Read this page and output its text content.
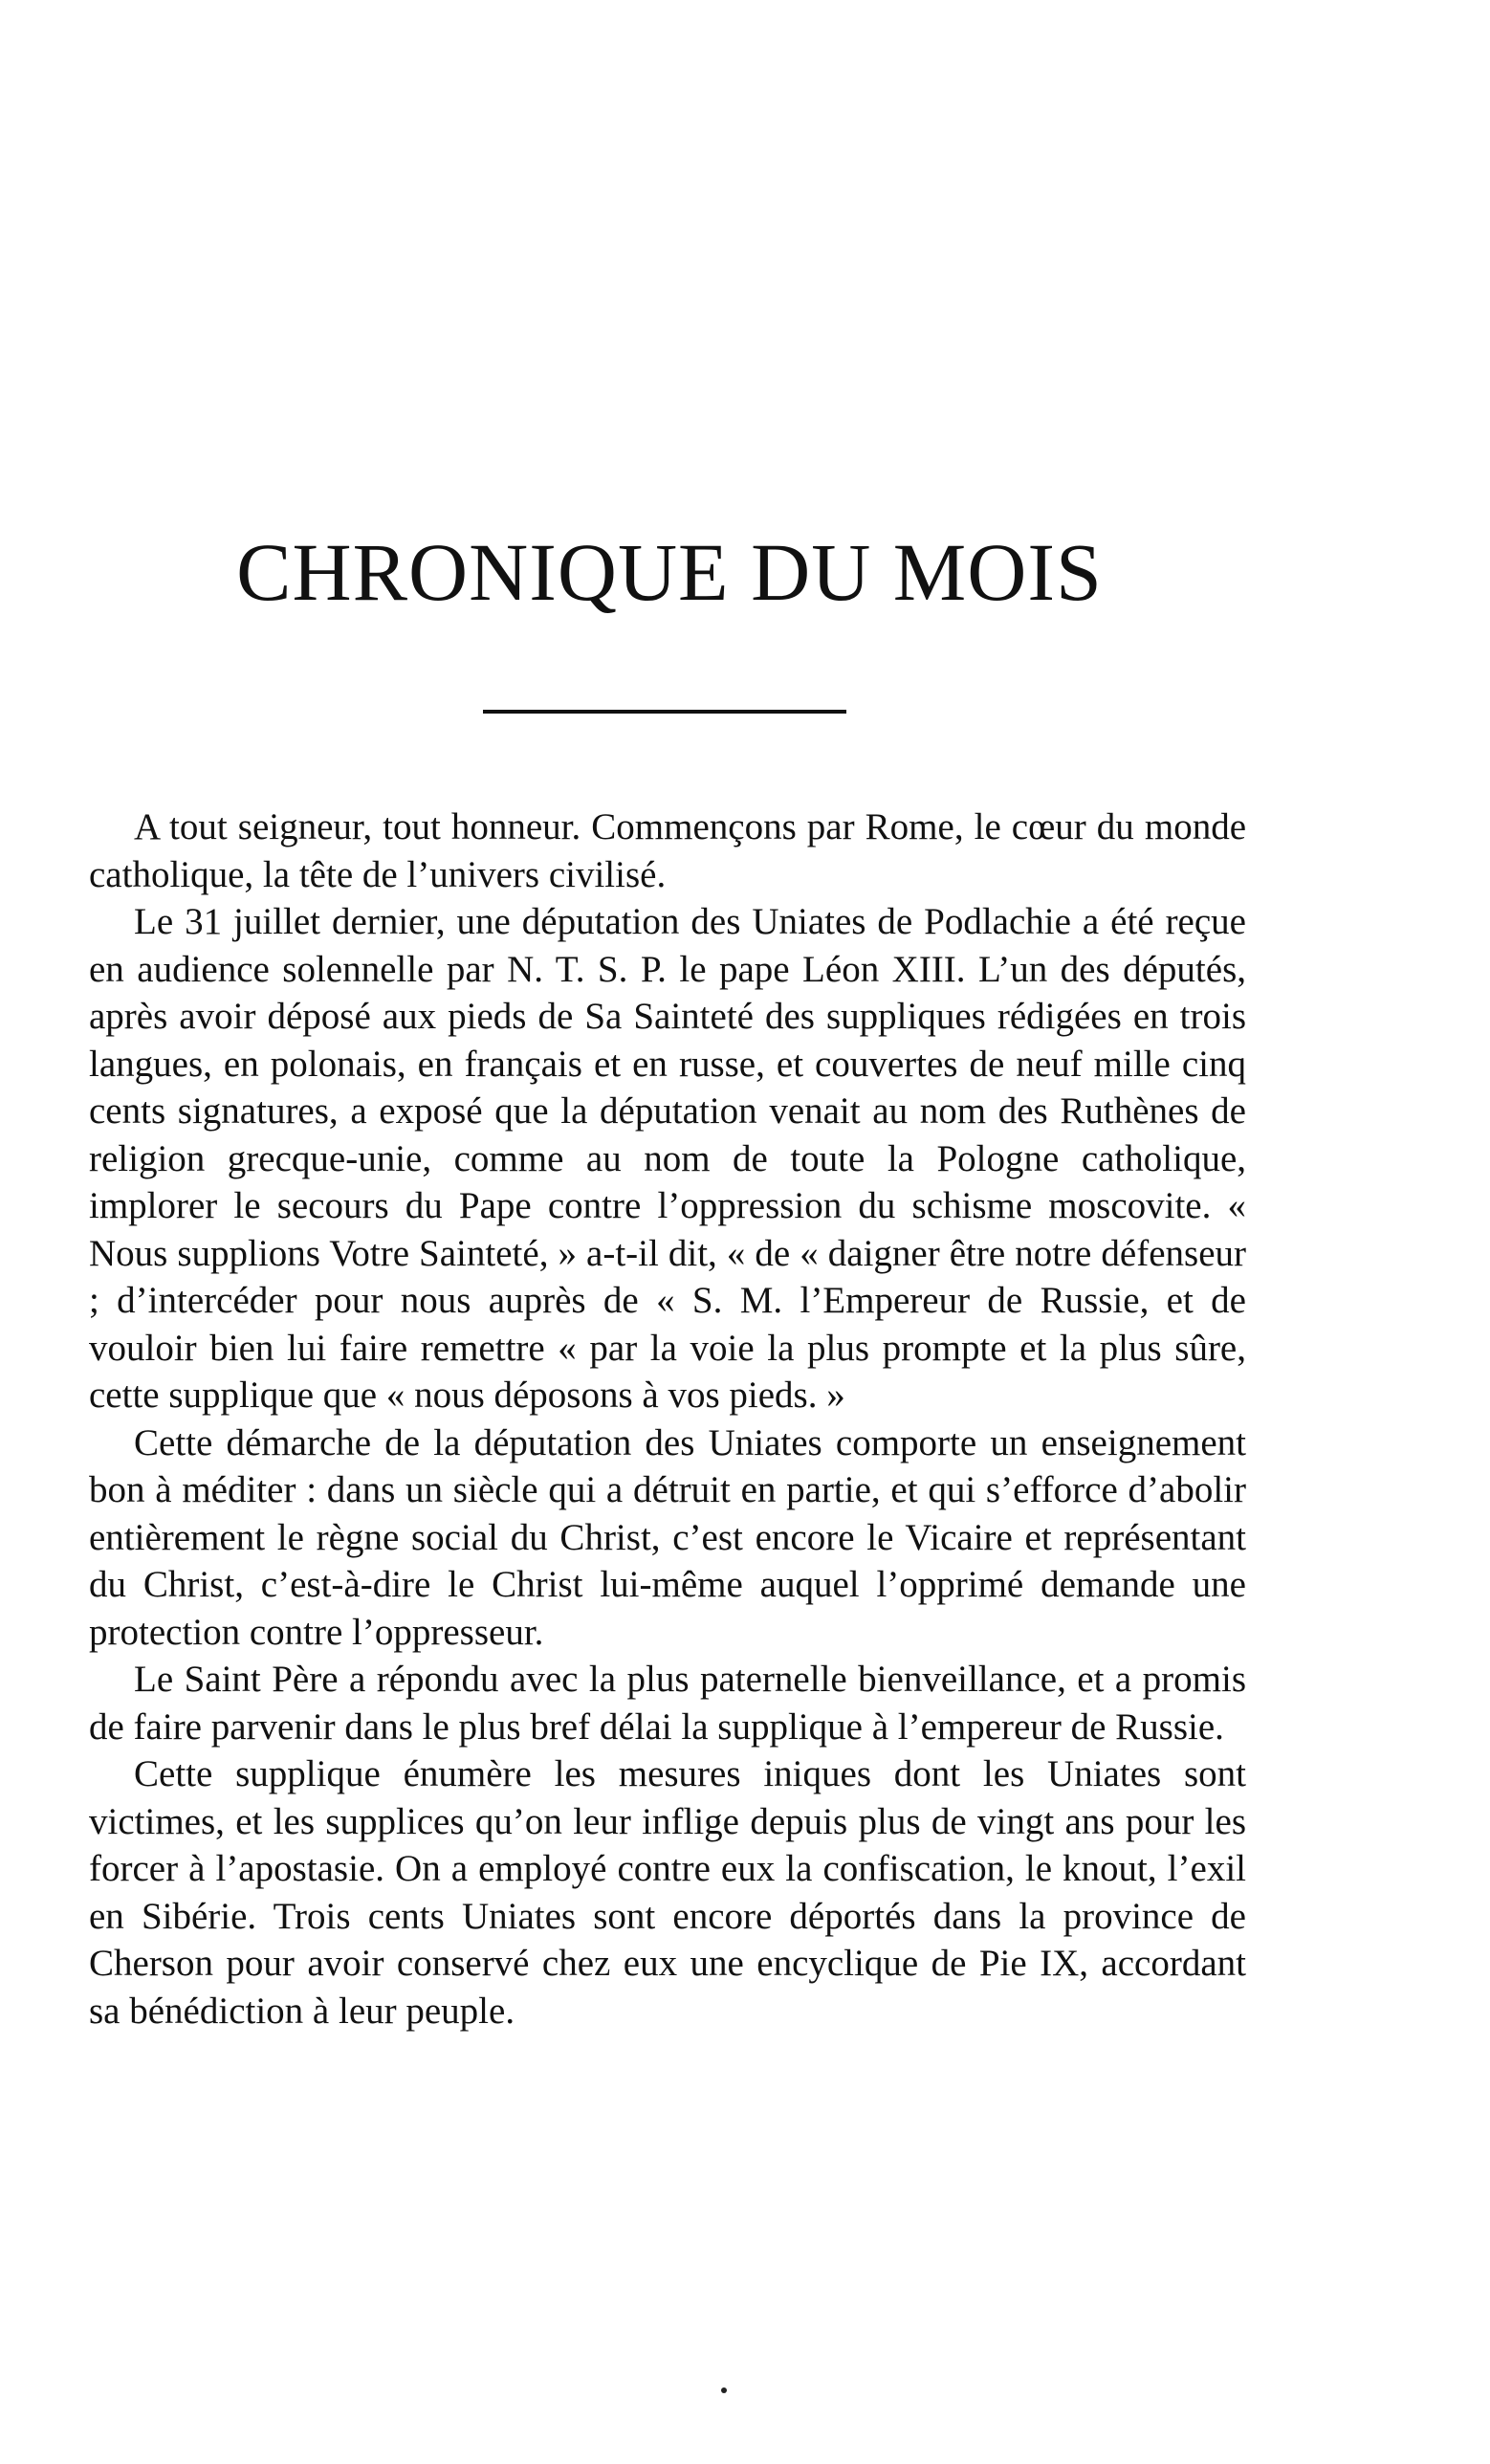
CHRONIQUE DU MOIS

A tout seigneur, tout honneur. Commençons par Rome, le cœur du monde catholique, la tête de l’univers civilisé.

Le 31 juillet dernier, une députation des Uniates de Podlachie a été reçue en audience solennelle par N. T. S. P. le pape Léon XIII. L’un des députés, après avoir déposé aux pieds de Sa Sainteté des suppliques rédigées en trois langues, en polonais, en français et en russe, et couvertes de neuf mille cinq cents signatures, a exposé que la députation venait au nom des Ruthènes de religion grecque-unie, comme au nom de toute la Pologne catholique, implorer le secours du Pape contre l’oppression du schisme moscovite. « Nous supplions Votre Sainteté, » a-t-il dit, « de « daigner être notre défenseur ; d’intercéder pour nous auprès de « S. M. l’Empereur de Russie, et de vouloir bien lui faire remettre « par la voie la plus prompte et la plus sûre, cette supplique que « nous déposons à vos pieds. »

Cette démarche de la députation des Uniates comporte un enseignement bon à méditer : dans un siècle qui a détruit en partie, et qui s’efforce d’abolir entièrement le règne social du Christ, c’est encore le Vicaire et représentant du Christ, c’est-à-dire le Christ lui-même auquel l’opprimé demande une protection contre l’oppresseur.

Le Saint Père a répondu avec la plus paternelle bienveillance, et a promis de faire parvenir dans le plus bref délai la supplique à l’empereur de Russie.

Cette supplique énumère les mesures iniques dont les Uniates sont victimes, et les supplices qu’on leur inflige depuis plus de vingt ans pour les forcer à l’apostasie. On a employé contre eux la confiscation, le knout, l’exil en Sibérie. Trois cents Uniates sont encore déportés dans la province de Cherson pour avoir conservé chez eux une encyclique de Pie IX, accordant sa bénédiction à leur peuple.
